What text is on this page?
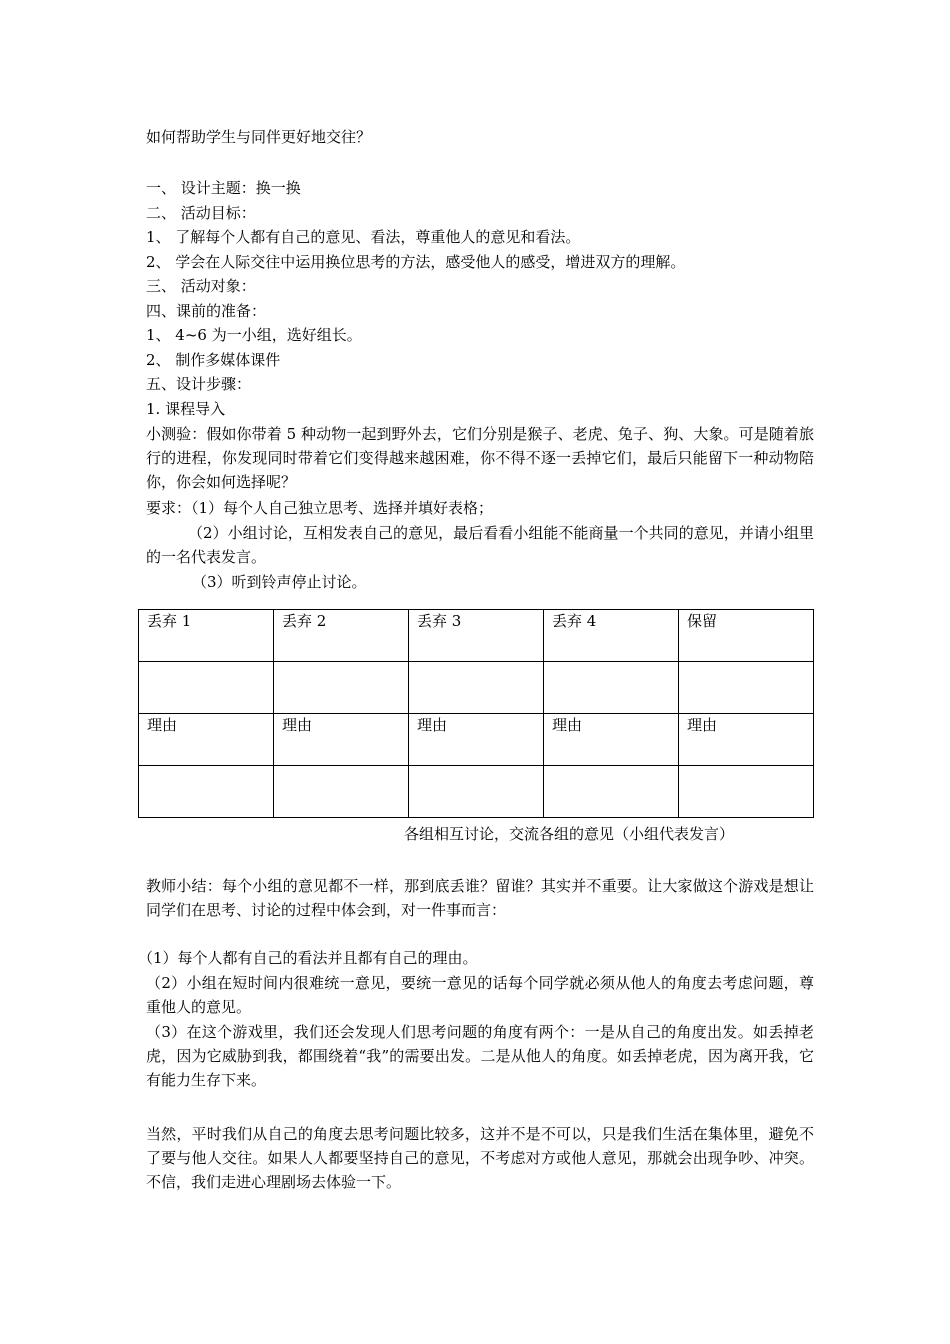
如何帮助学生与同伴更好地交往？
一、 设计主题：换一换
二、 活动目标：
1、 了解每个人都有自己的意见、看法，尊重他人的意见和看法。
2、 学会在人际交往中运用换位思考的方法，感受他人的感受，增进双方的理解。
三、 活动对象：
四、课前的准备：
1、 4~6 为一小组，选好组长。
2、 制作多媒体课件
五、设计步骤：
1. 课程导入
小测验：假如你带着 5 种动物一起到野外去，它们分别是猴子、老虎、兔子、狗、大象。可是随着旅行的进程，你发现同时带着它们变得越来越困难，你不得不逐一丢掉它们，最后只能留下一种动物陪你，你会如何选择呢？
要求：（1）每个人自己独立思考、选择并填好表格；
（2）小组讨论，互相发表自己的意见，最后看看小组能不能商量一个共同的意见，并请小组里的一名代表发言。
（3）听到铃声停止讨论。
丢弃 1	丢弃 2	丢弃 3	丢弃 4	保留

理由	理由	理由	理由	理由

各组相互讨论，交流各组的意见（小组代表发言）
教师小结：每个小组的意见都不一样，那到底丢谁？留谁？其实并不重要。让大家做这个游戏是想让同学们在思考、讨论的过程中体会到，对一件事而言：
（1）每个人都有自己的看法并且都有自己的理由。
（2）小组在短时间内很难统一意见，要统一意见的话每个同学就必须从他人的角度去考虑问题，尊重他人的意见。
（3）在这个游戏里，我们还会发现人们思考问题的角度有两个：一是从自己的角度出发。如丢掉老虎，因为它威胁到我，都围绕着“我”的需要出发。二是从他人的角度。如丢掉老虎，因为离开我，它有能力生存下来。
当然，平时我们从自己的角度去思考问题比较多，这并不是不可以，只是我们生活在集体里，避免不了要与他人交往。如果人人都要坚持自己的意见，不考虑对方或他人意见，那就会出现争吵、冲突。不信，我们走进心理剧场去体验一下。
